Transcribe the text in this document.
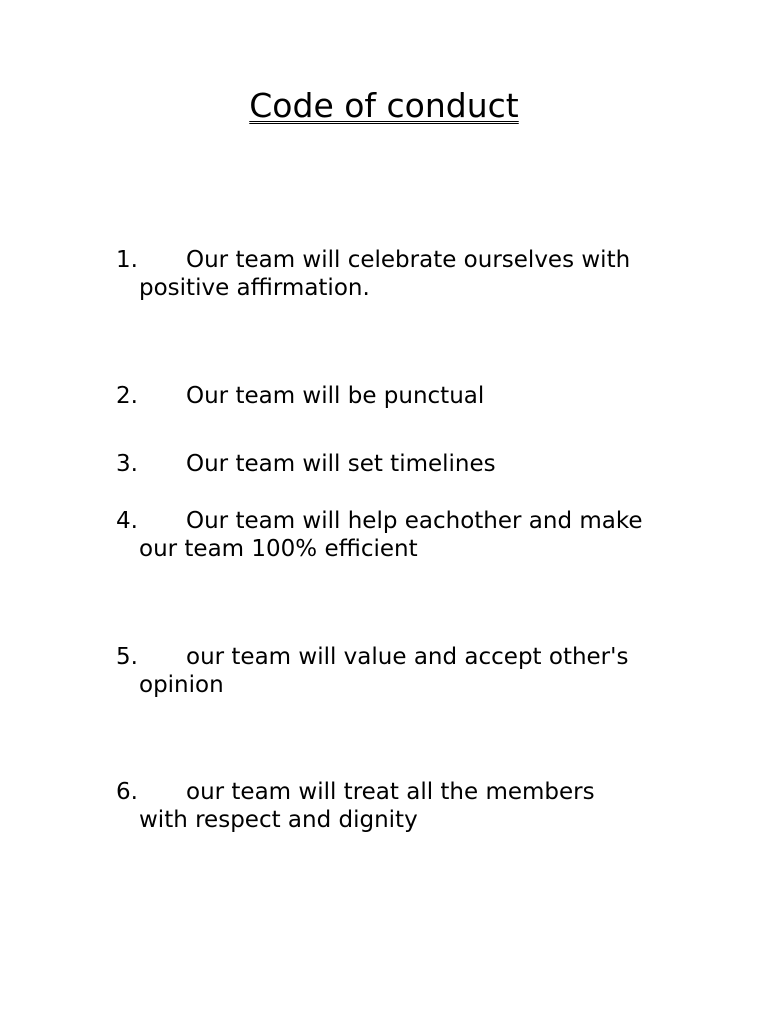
Code of conduct
1. Our team will celebrate ourselves with
positive affirmation.
2. Our team will be punctual
3. Our team will set timelines
4. Our team will help eachother and make
our team 100% efficient
5. our team will value and accept other's
opinion
6. our team will treat all the members
with respect and dignity
